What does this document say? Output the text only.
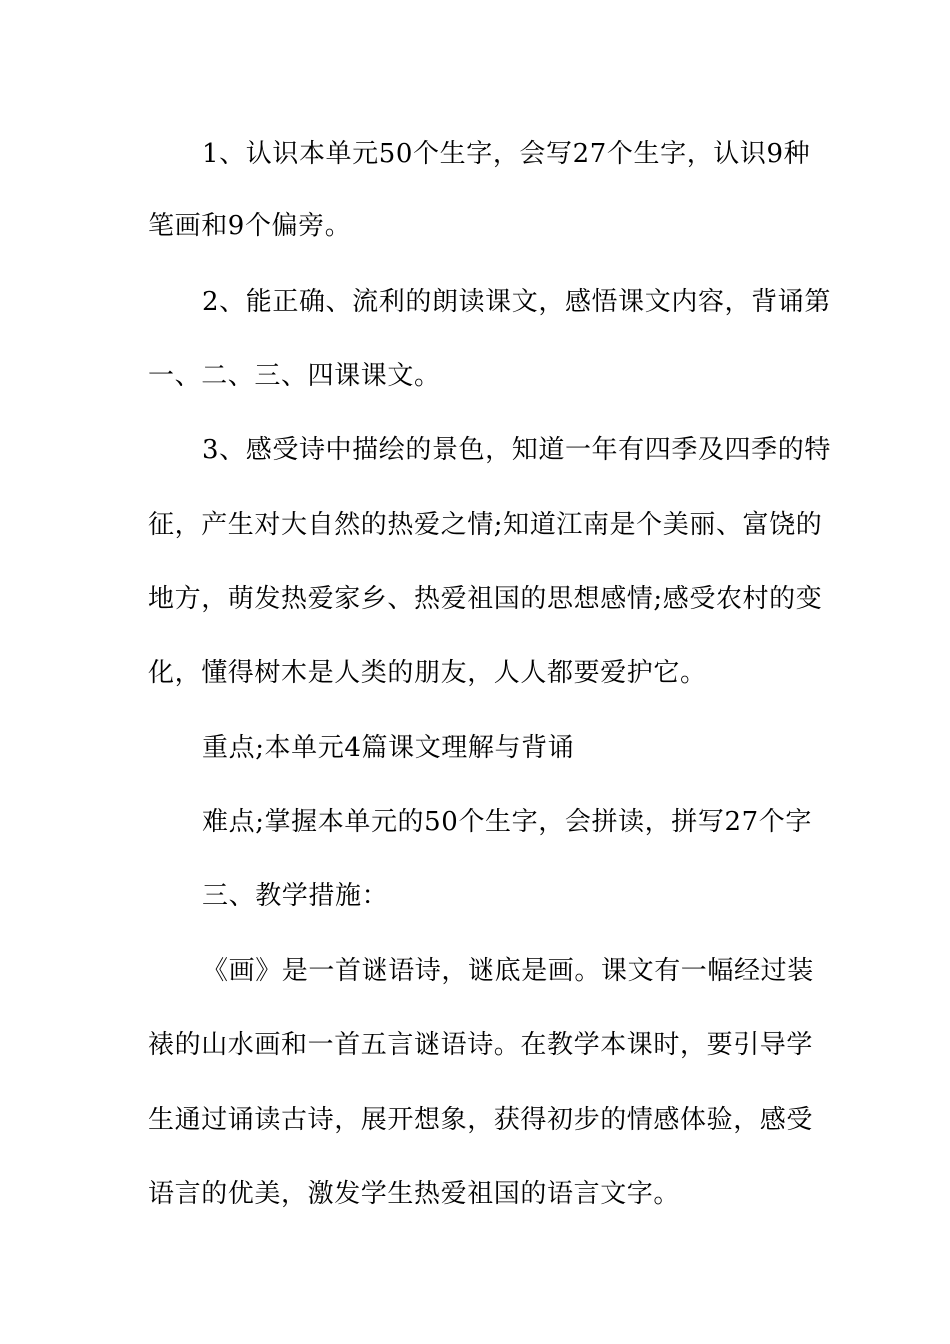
1、认识本单元50个生字，会写27个生字，认识9种
笔画和9个偏旁。
2、能正确、流利的朗读课文，感悟课文内容，背诵第
一、二、三、四课课文。
3、感受诗中描绘的景色，知道一年有四季及四季的特
征，产生对大自然的热爱之情;知道江南是个美丽、富饶的
地方，萌发热爱家乡、热爱祖国的思想感情;感受农村的变
化，懂得树木是人类的朋友，人人都要爱护它。
重点;本单元4篇课文理解与背诵
难点;掌握本单元的50个生字，会拼读，拼写27个字
三、教学措施：
《画》是一首谜语诗，谜底是画。课文有一幅经过装
裱的山水画和一首五言谜语诗。在教学本课时，要引导学
生通过诵读古诗，展开想象，获得初步的情感体验，感受
语言的优美，激发学生热爱祖国的语言文字。
